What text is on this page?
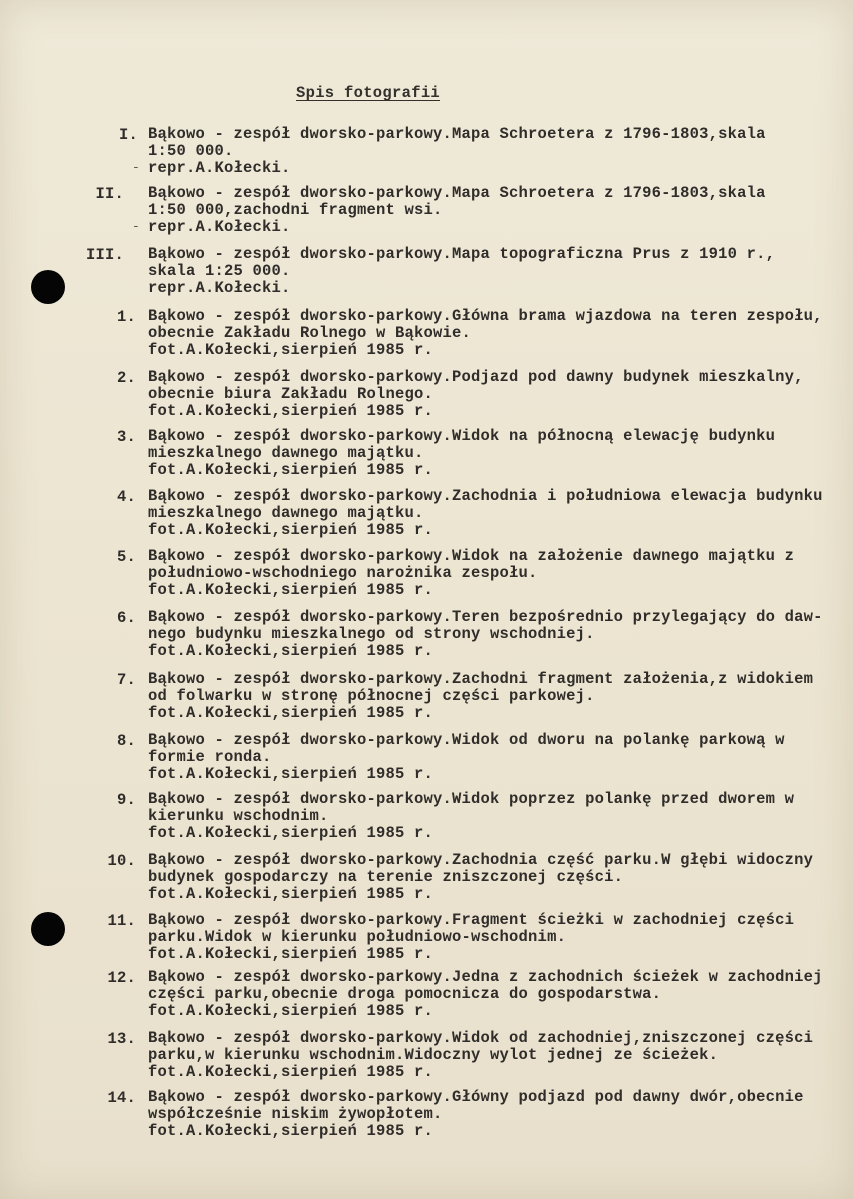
Spis fotografii
I. Bąkowo - zespół dworsko-parkowy.Mapa Schroetera z 1796-1803,skala
1:50 000.
repr.A.Kołecki.
-
II. Bąkowo - zespół dworsko-parkowy.Mapa Schroetera z 1796-1803,skala
1:50 000,zachodni fragment wsi.
repr.A.Kołecki.
-
III. Bąkowo - zespół dworsko-parkowy.Mapa topograficzna Prus z 1910 r.,
skala 1:25 000.
repr.A.Kołecki.
1. Bąkowo - zespół dworsko-parkowy.Główna brama wjazdowa na teren zespołu,
obecnie Zakładu Rolnego w Bąkowie.
fot.A.Kołecki,sierpień 1985 r.
2. Bąkowo - zespół dworsko-parkowy.Podjazd pod dawny budynek mieszkalny,
obecnie biura Zakładu Rolnego.
fot.A.Kołecki,sierpień 1985 r.
3. Bąkowo - zespół dworsko-parkowy.Widok na północną elewację budynku
mieszkalnego dawnego majątku.
fot.A.Kołecki,sierpień 1985 r.
4. Bąkowo - zespół dworsko-parkowy.Zachodnia i południowa elewacja budynku
mieszkalnego dawnego majątku.
fot.A.Kołecki,sierpień 1985 r.
5. Bąkowo - zespół dworsko-parkowy.Widok na założenie dawnego majątku z
południowo-wschodniego narożnika zespołu.
fot.A.Kołecki,sierpień 1985 r.
6. Bąkowo - zespół dworsko-parkowy.Teren bezpośrednio przylegający do daw-
nego budynku mieszkalnego od strony wschodniej.
fot.A.Kołecki,sierpień 1985 r.
7. Bąkowo - zespół dworsko-parkowy.Zachodni fragment założenia,z widokiem
od folwarku w stronę północnej części parkowej.
fot.A.Kołecki,sierpień 1985 r.
8. Bąkowo - zespół dworsko-parkowy.Widok od dworu na polankę parkową w
formie ronda.
fot.A.Kołecki,sierpień 1985 r.
9. Bąkowo - zespół dworsko-parkowy.Widok poprzez polankę przed dworem w
kierunku wschodnim.
fot.A.Kołecki,sierpień 1985 r.
10. Bąkowo - zespół dworsko-parkowy.Zachodnia część parku.W głębi widoczny
budynek gospodarczy na terenie zniszczonej części.
fot.A.Kołecki,sierpień 1985 r.
11. Bąkowo - zespół dworsko-parkowy.Fragment ścieżki w zachodniej części
parku.Widok w kierunku południowo-wschodnim.
fot.A.Kołecki,sierpień 1985 r.
12. Bąkowo - zespół dworsko-parkowy.Jedna z zachodnich ścieżek w zachodniej
części parku,obecnie droga pomocnicza do gospodarstwa.
fot.A.Kołecki,sierpień 1985 r.
13. Bąkowo - zespół dworsko-parkowy.Widok od zachodniej,zniszczonej części
parku,w kierunku wschodnim.Widoczny wylot jednej ze ścieżek.
fot.A.Kołecki,sierpień 1985 r.
14. Bąkowo - zespół dworsko-parkowy.Główny podjazd pod dawny dwór,obecnie
współcześnie niskim żywopłotem.
fot.A.Kołecki,sierpień 1985 r.
